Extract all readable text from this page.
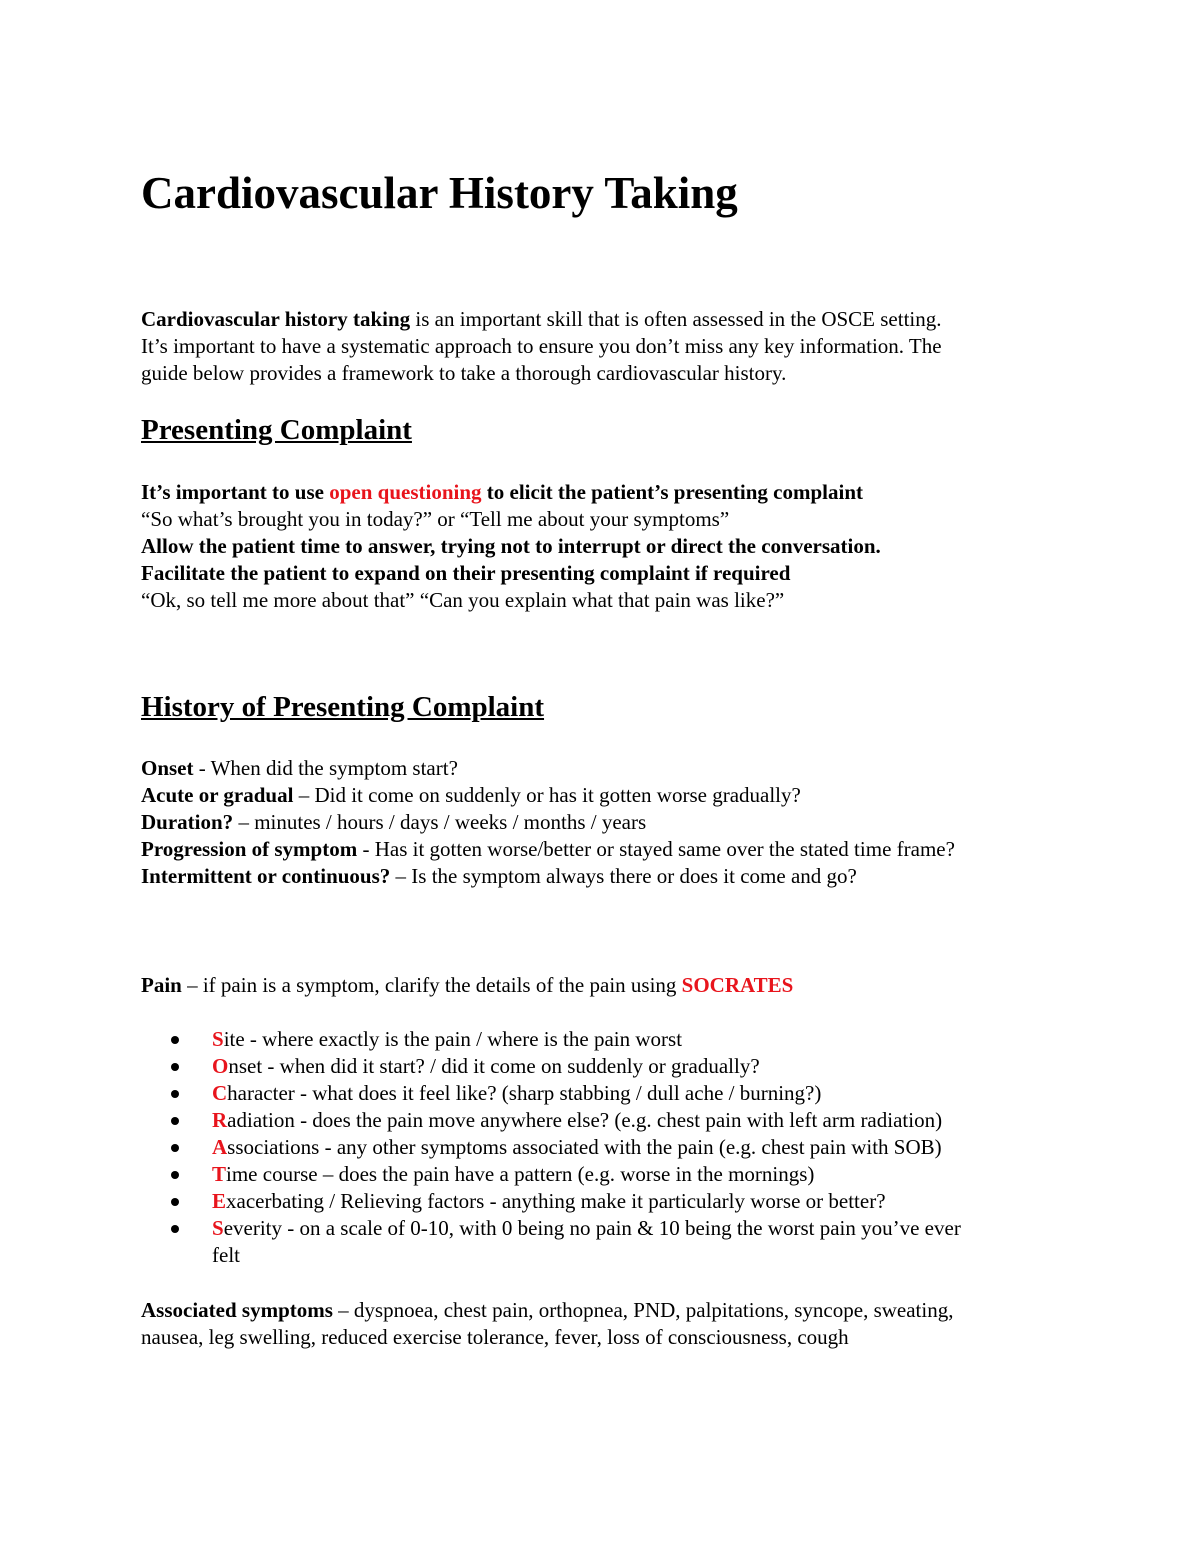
Cardiovascular History Taking
Cardiovascular history taking is an important skill that is often assessed in the OSCE setting.
It’s important to have a systematic approach to ensure you don’t miss any key information. The
guide below provides a framework to take a thorough cardiovascular history.
Presenting Complaint
It’s important to use open questioning to elicit the patient’s presenting complaint
“So what’s brought you in today?” or “Tell me about your symptoms”
Allow the patient time to answer, trying not to interrupt or direct the conversation.
Facilitate the patient to expand on their presenting complaint if required
“Ok, so tell me more about that” “Can you explain what that pain was like?”
History of Presenting Complaint
Onset - When did the symptom start?
Acute or gradual – Did it come on suddenly or has it gotten worse gradually?
Duration? – minutes / hours / days / weeks / months / years
Progression of symptom - Has it gotten worse/better or stayed same over the stated time frame?
Intermittent or continuous? – Is the symptom always there or does it come and go?
Pain – if pain is a symptom, clarify the details of the pain using SOCRATES
Site - where exactly is the pain / where is the pain worst
Onset - when did it start? / did it come on suddenly or gradually?
Character - what does it feel like? (sharp stabbing / dull ache / burning?)
Radiation - does the pain move anywhere else? (e.g. chest pain with left arm radiation)
Associations - any other symptoms associated with the pain (e.g. chest pain with SOB)
Time course – does the pain have a pattern (e.g. worse in the mornings)
Exacerbating / Relieving factors - anything make it particularly worse or better?
Severity - on a scale of 0-10, with 0 being no pain & 10 being the worst pain you’ve ever
felt
Associated symptoms – dyspnoea, chest pain, orthopnea, PND, palpitations, syncope, sweating,
nausea, leg swelling, reduced exercise tolerance, fever, loss of consciousness, cough
